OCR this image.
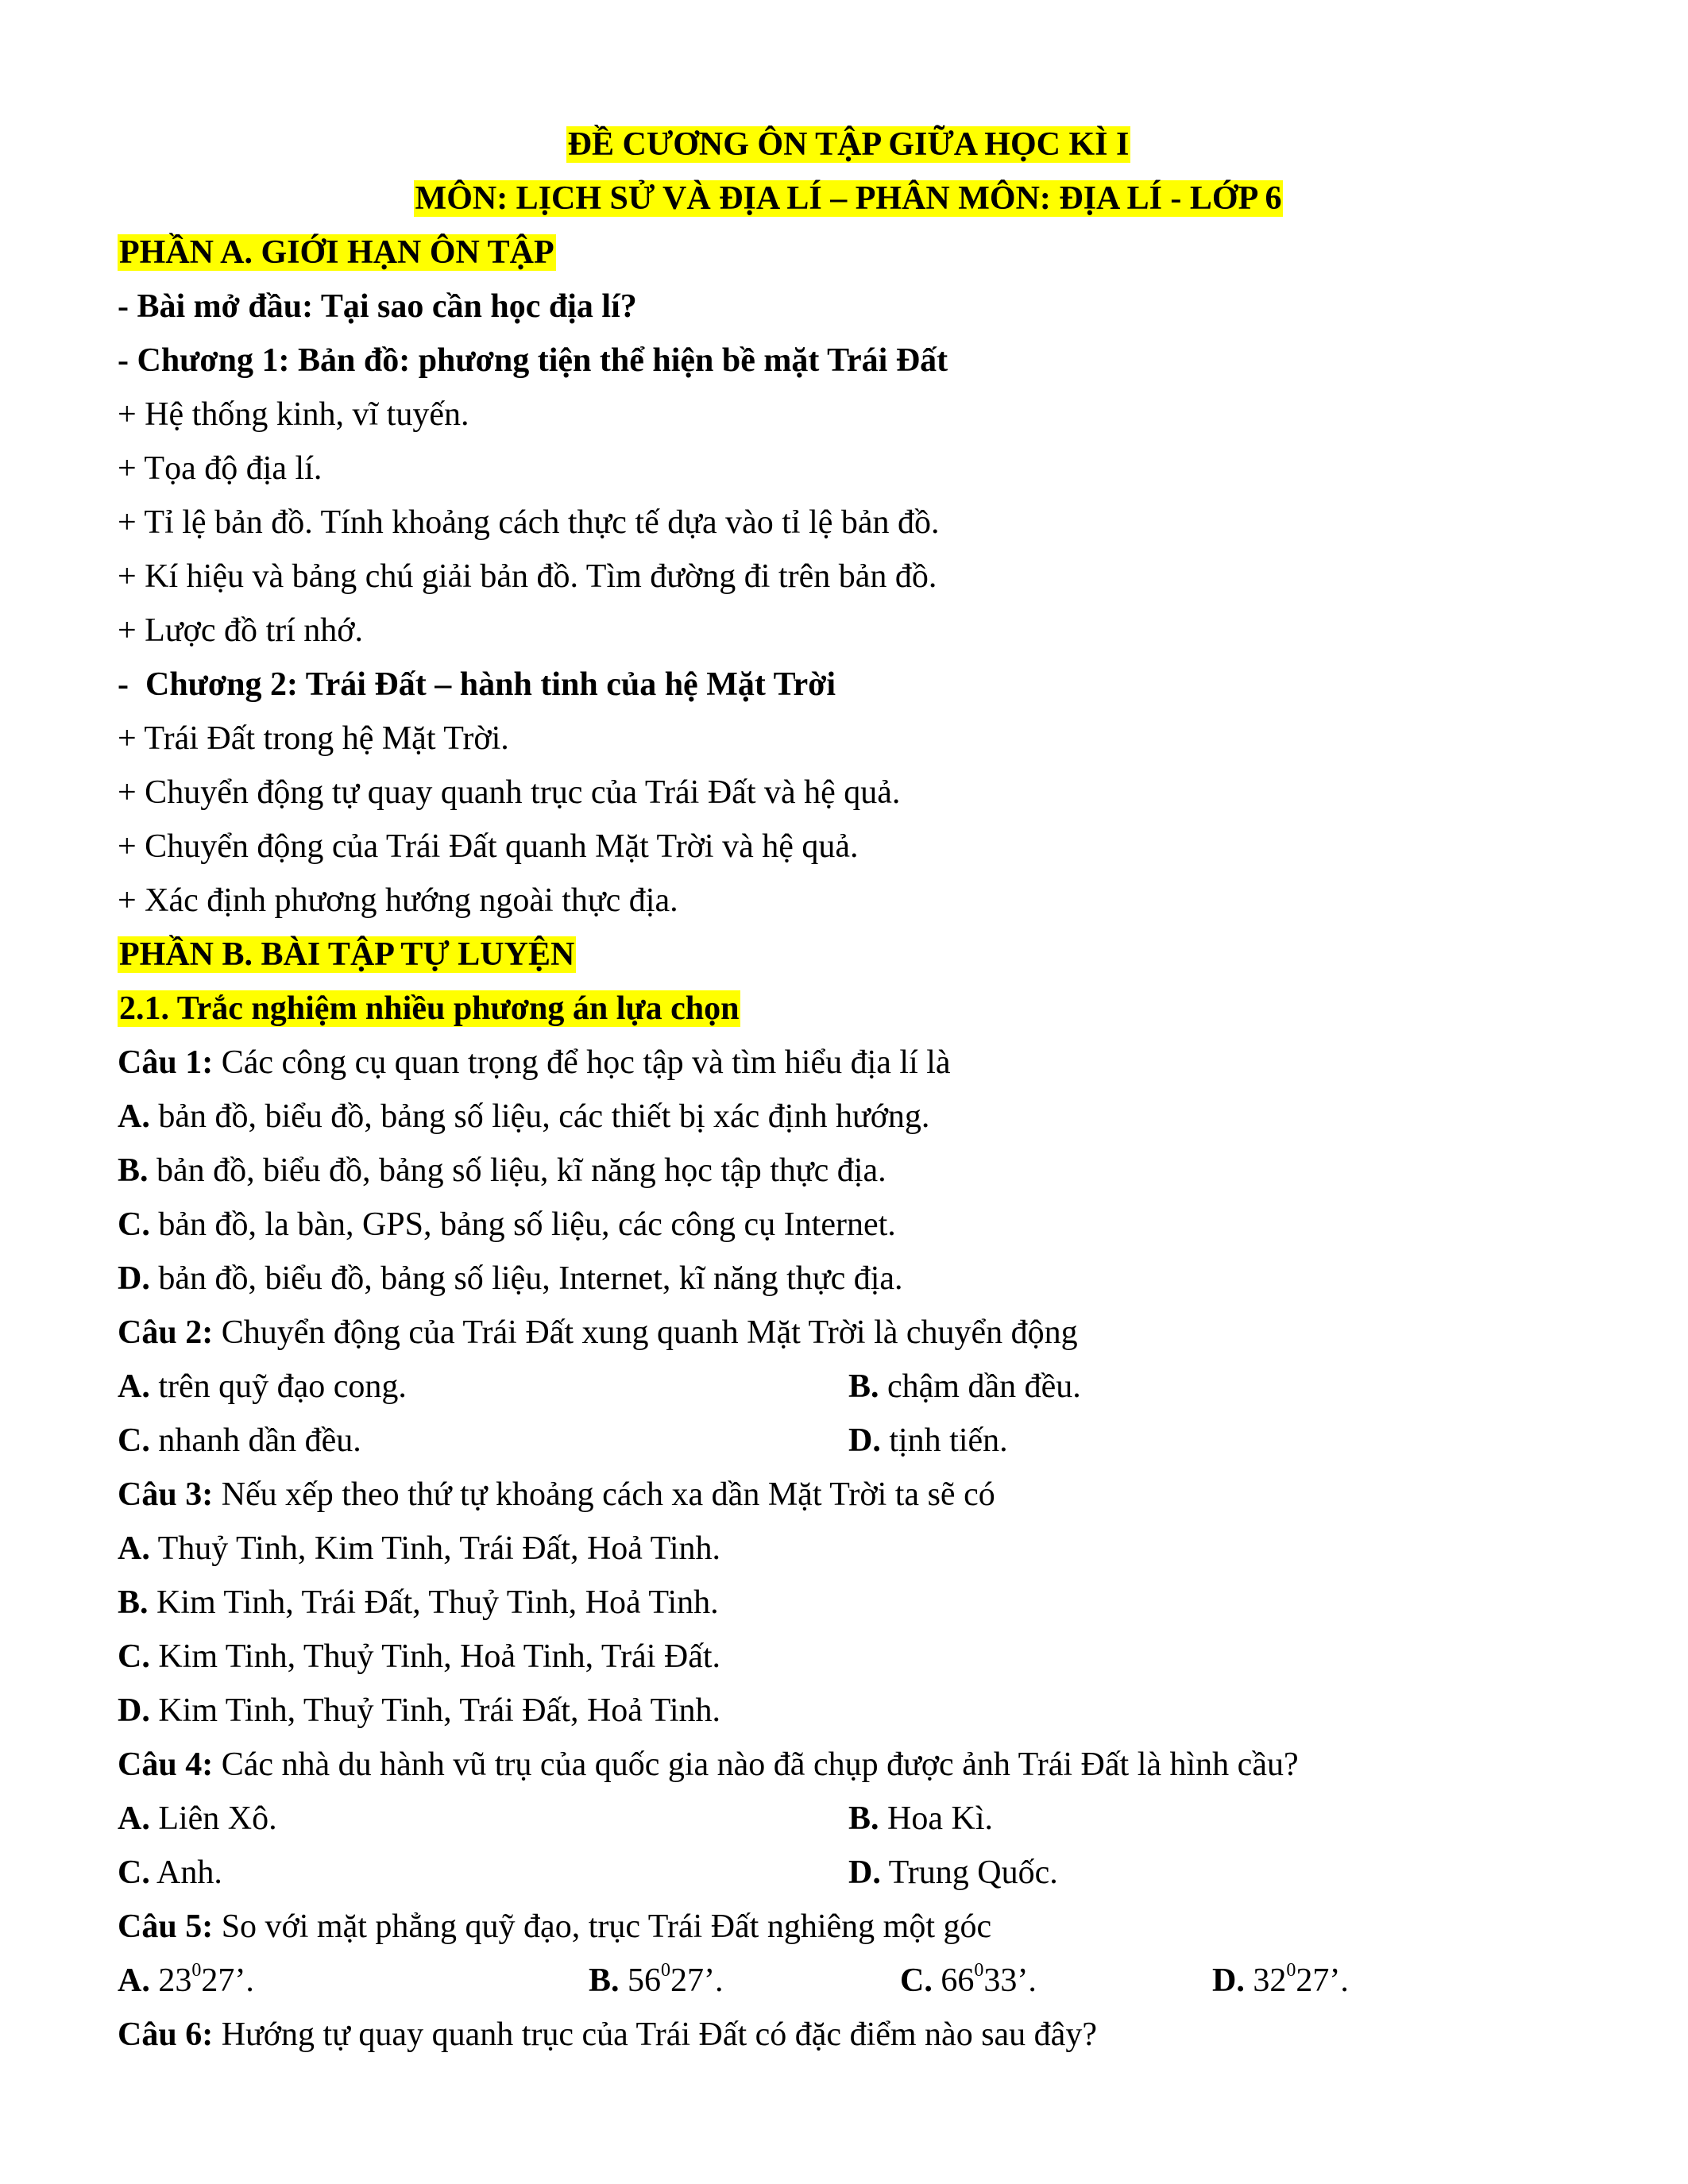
ĐỀ CƯƠNG ÔN TẬP GIỮA HỌC KÌ I
MÔN: LỊCH SỬ VÀ ĐỊA LÍ – PHÂN MÔN: ĐỊA LÍ - LỚP 6
PHẦN A. GIỚI HẠN ÔN TẬP
- Bài mở đầu: Tại sao cần học địa lí?
- Chương 1: Bản đồ: phương tiện thể hiện bề mặt Trái Đất
+ Hệ thống kinh, vĩ tuyến.
+ Tọa độ địa lí.
+ Tỉ lệ bản đồ. Tính khoảng cách thực tế dựa vào tỉ lệ bản đồ.
+ Kí hiệu và bảng chú giải bản đồ. Tìm đường đi trên bản đồ.
+ Lược đồ trí nhớ.
-  Chương 2: Trái Đất – hành tinh của hệ Mặt Trời
+ Trái Đất trong hệ Mặt Trời.
+ Chuyển động tự quay quanh trục của Trái Đất và hệ quả.
+ Chuyển động của Trái Đất quanh Mặt Trời và hệ quả.
+ Xác định phương hướng ngoài thực địa.
PHẦN B. BÀI TẬP TỰ LUYỆN
2.1. Trắc nghiệm nhiều phương án lựa chọn
Câu 1: Các công cụ quan trọng để học tập và tìm hiểu địa lí là
A. bản đồ, biểu đồ, bảng số liệu, các thiết bị xác định hướng.
B. bản đồ, biểu đồ, bảng số liệu, kĩ năng học tập thực địa.
C. bản đồ, la bàn, GPS, bảng số liệu, các công cụ Internet.
D. bản đồ, biểu đồ, bảng số liệu, Internet, kĩ năng thực địa.
Câu 2: Chuyển động của Trái Đất xung quanh Mặt Trời là chuyển động
A. trên quỹ đạo cong.	B. chậm dần đều.
C. nhanh dần đều.	D. tịnh tiến.
Câu 3: Nếu xếp theo thứ tự khoảng cách xa dần Mặt Trời ta sẽ có
A. Thuỷ Tinh, Kim Tinh, Trái Đất, Hoả Tinh.
B. Kim Tinh, Trái Đất, Thuỷ Tinh, Hoả Tinh.
C. Kim Tinh, Thuỷ Tinh, Hoả Tinh, Trái Đất.
D. Kim Tinh, Thuỷ Tinh, Trái Đất, Hoả Tinh.
Câu 4: Các nhà du hành vũ trụ của quốc gia nào đã chụp được ảnh Trái Đất là hình cầu?
A. Liên Xô.	B. Hoa Kì.
C. Anh.	D. Trung Quốc.
Câu 5: So với mặt phẳng quỹ đạo, trục Trái Đất nghiêng một góc
A. $23^027$’.	B. $56^027$’.	C. $66^033$’.	D. $32^027$’.
Câu 6: Hướng tự quay quanh trục của Trái Đất có đặc điểm nào sau đây?
